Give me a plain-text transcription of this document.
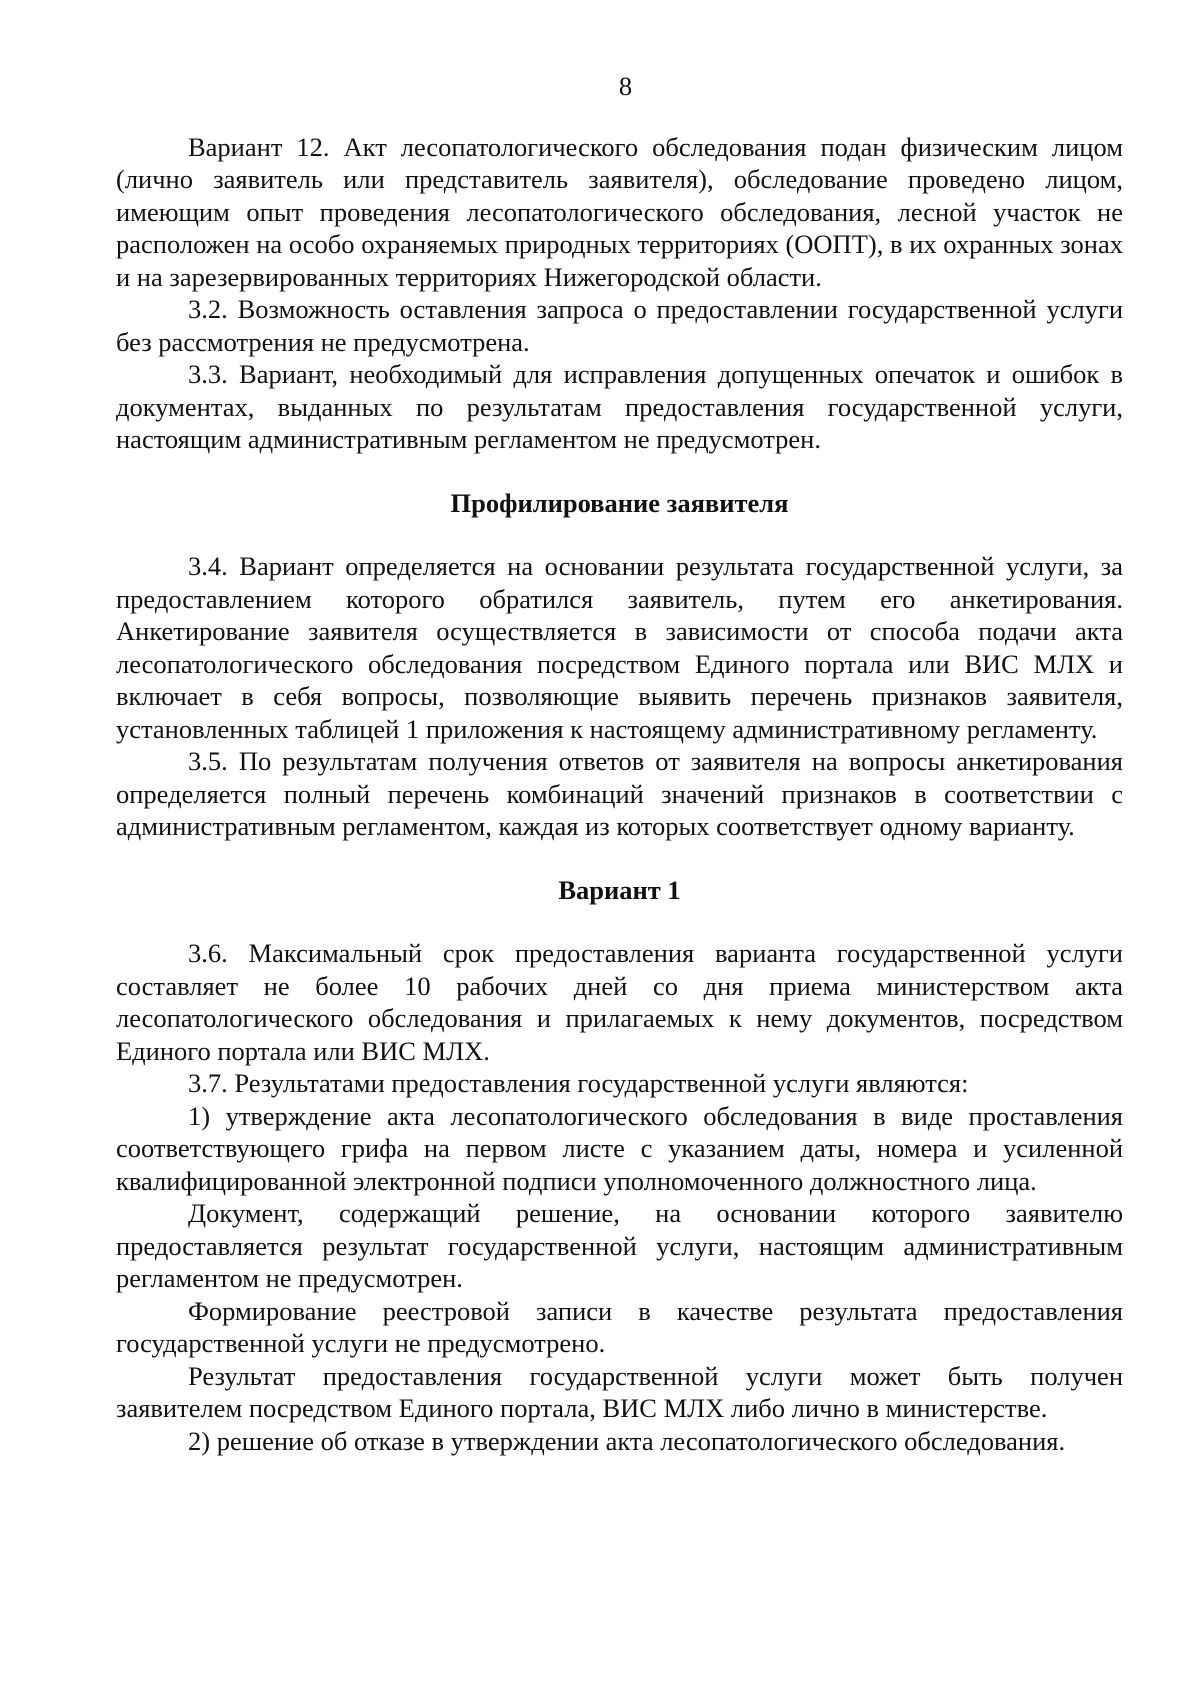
8

Вариант 12. Акт лесопатологического обследования подан физическим лицом (лично заявитель или представитель заявителя), обследование проведено лицом, имеющим опыт проведения лесопатологического обследования, лесной участок не расположен на особо охраняемых природных территориях (ООПТ), в их охранных зонах и на зарезервированных территориях Нижегородской области.

3.2. Возможность оставления запроса о предоставлении государственной услуги без рассмотрения не предусмотрена.

3.3. Вариант, необходимый для исправления допущенных опечаток и ошибок в документах, выданных по результатам предоставления государственной услуги, настоящим административным регламентом не предусмотрен.

Профилирование заявителя

3.4. Вариант определяется на основании результата государственной услуги, за предоставлением которого обратился заявитель, путем его анкетирования. Анкетирование заявителя осуществляется в зависимости от способа подачи акта лесопатологического обследования посредством Единого портала или ВИС МЛХ и включает в себя вопросы, позволяющие выявить перечень признаков заявителя, установленных таблицей 1 приложения к настоящему административному регламенту.

3.5. По результатам получения ответов от заявителя на вопросы анкетирования определяется полный перечень комбинаций значений признаков в соответствии с административным регламентом, каждая из которых соответствует одному варианту.

Вариант 1

3.6. Максимальный срок предоставления варианта государственной услуги составляет не более 10 рабочих дней со дня приема министерством акта лесопатологического обследования и прилагаемых к нему документов, посредством Единого портала или ВИС МЛХ.

3.7. Результатами предоставления государственной услуги являются:

1) утверждение акта лесопатологического обследования в виде проставления соответствующего грифа на первом листе с указанием даты, номера и усиленной квалифицированной электронной подписи уполномоченного должностного лица.

Документ, содержащий решение, на основании которого заявителю предоставляется результат государственной услуги, настоящим административным регламентом не предусмотрен.

Формирование реестровой записи в качестве результата предоставления государственной услуги не предусмотрено.

Результат предоставления государственной услуги может быть получен заявителем посредством Единого портала, ВИС МЛХ либо лично в министерстве.

2) решение об отказе в утверждении акта лесопатологического обследования.
